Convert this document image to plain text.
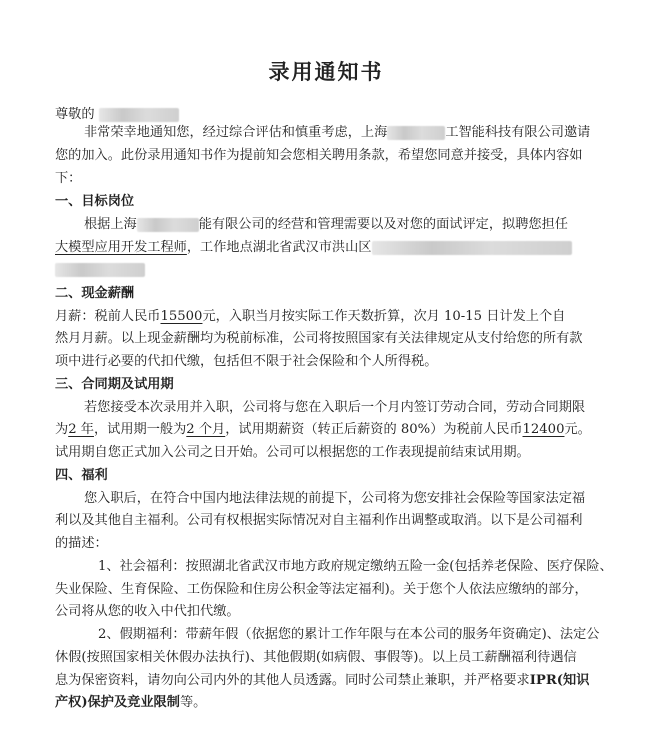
录用通知书
尊敬的
非常荣幸地通知您，经过综合评估和慎重考虑，上海	工智能科技有限公司邀请
您的加入。此份录用通知书作为提前知会您相关聘用条款，希望您同意并接受，具体内容如
下：
一、目标岗位
根据上海	能有限公司的经营和管理需要以及对您的面试评定，拟聘您担任
大模型应用开发工程师，工作地点湖北省武汉市洪山区
二、现金薪酬
月薪：税前人民币15500元，入职当月按实际工作天数折算，次月 10-15 日计发上个自
然月月薪。以上现金薪酬均为税前标准，公司将按照国家有关法律规定从支付给您的所有款
项中进行必要的代扣代缴，包括但不限于社会保险和个人所得税。
三、合同期及试用期
若您接受本次录用并入职，公司将与您在入职后一个月内签订劳动合同，劳动合同期限
为2 年，试用期一般为2 个月，试用期薪资（转正后薪资的 80%）为税前人民币12400元。
试用期自您正式加入公司之日开始。公司可以根据您的工作表现提前结束试用期。
四、福利
您入职后，在符合中国内地法律法规的前提下，公司将为您安排社会保险等国家法定福
利以及其他自主福利。公司有权根据实际情况对自主福利作出调整或取消。以下是公司福利
的描述：
1、社会福利：按照湖北省武汉市地方政府规定缴纳五险一金(包括养老保险、医疗保险、
失业保险、生育保险、工伤保险和住房公积金等法定福利)。关于您个人依法应缴纳的部分，
公司将从您的收入中代扣代缴。
2、假期福利：带薪年假（依据您的累计工作年限与在本公司的服务年资确定)、法定公
休假(按照国家相关休假办法执行)、其他假期(如病假、事假等)。以上员工薪酬福利待遇信
息为保密资料，请勿向公司内外的其他人员透露。同时公司禁止兼职，并严格要求IPR(知识
产权)保护及竞业限制等。
